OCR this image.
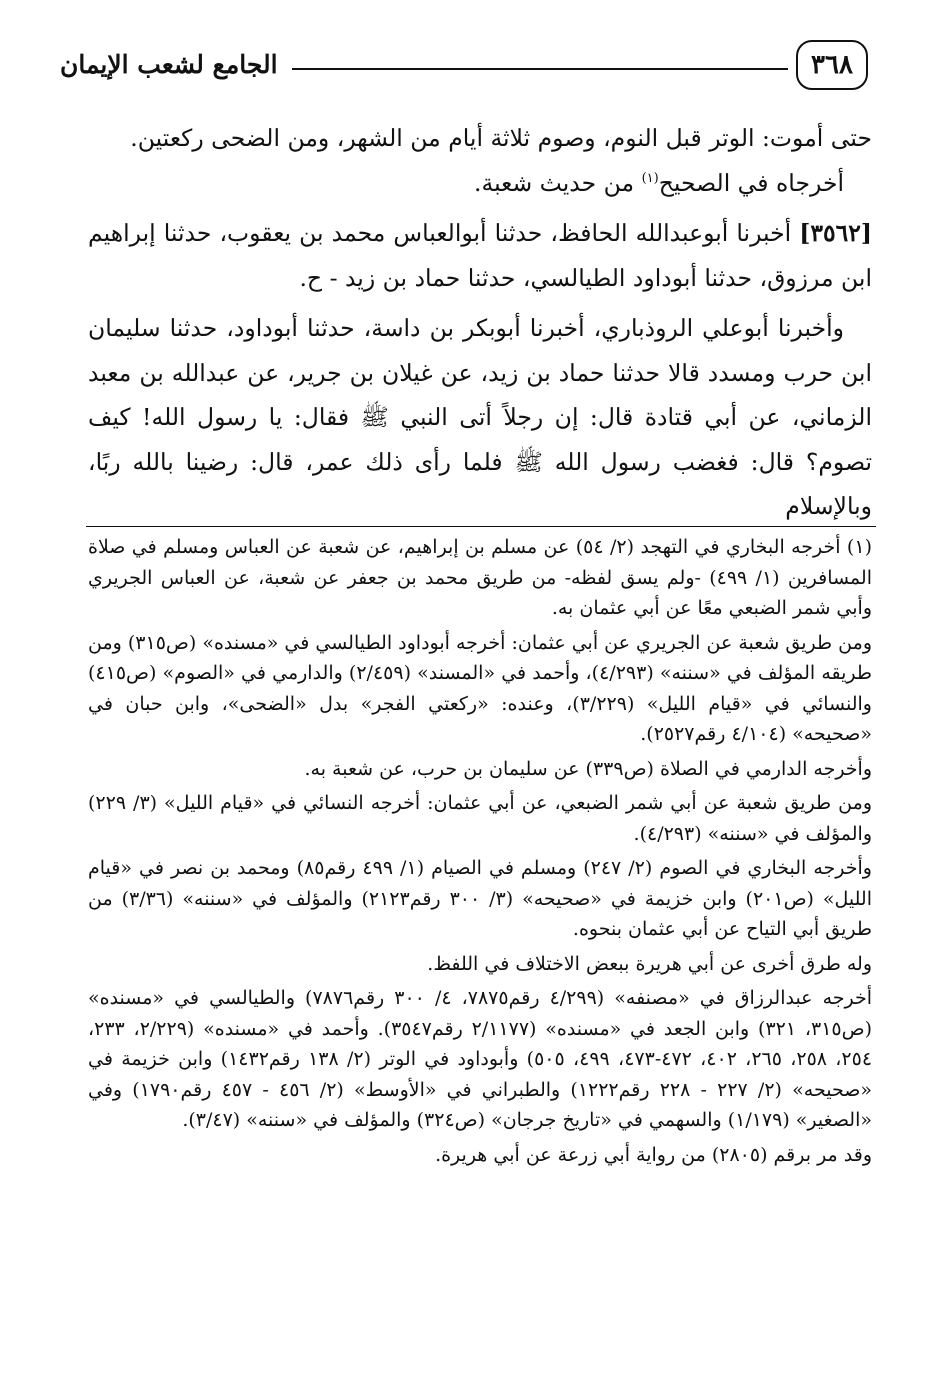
٣٦٨
الجامع لشعب الإيمان

حتى أموت: الوتر قبل النوم، وصوم ثلاثة أيام من الشهر، ومن الضحى ركعتين.

أخرجاه في الصحيح$^{(١)}$ من حديث شعبة.

[٣٥٦٢] أخبرنا أبوعبدالله الحافظ، حدثنا أبوالعباس محمد بن يعقوب، حدثنا إبراهيم ابن مرزوق، حدثنا أبوداود الطيالسي، حدثنا حماد بن زيد - ح.

وأخبرنا أبوعلي الروذباري، أخبرنا أبوبكر بن داسة، حدثنا أبوداود، حدثنا سليمان ابن حرب ومسدد قالا حدثنا حماد بن زيد، عن غيلان بن جرير، عن عبدالله بن معبد الزماني، عن أبي قتادة قال: إن رجلاً أتى النبي ﷺ فقال: يا رسول الله! كيف تصوم؟ قال: فغضب رسول الله ﷺ فلما رأى ذلك عمر، قال: رضينا بالله ربًا، وبالإسلام

(١) أخرجه البخاري في التهجد (٢/ ٥٤) عن مسلم بن إبراهيم، عن شعبة عن العباس ومسلم في صلاة المسافرين (١/ ٤٩٩) -ولم يسق لفظه- من طريق محمد بن جعفر عن شعبة، عن العباس الجريري وأبي شمر الضبعي معًا عن أبي عثمان به.

ومن طريق شعبة عن الجريري عن أبي عثمان: أخرجه أبوداود الطيالسي في «مسنده» (ص٣١٥) ومن طريقه المؤلف في «سننه» (٤/٢٩٣)، وأحمد في «المسند» (٢/٤٥٩) والدارمي في «الصوم» (ص٤١٥) والنسائي في «قيام الليل» (٣/٢٢٩)، وعنده: «ركعتي الفجر» بدل «الضحى»، وابن حبان في «صحيحه» (٤/١٠٤ رقم٢٥٢٧).

وأخرجه الدارمي في الصلاة (ص٣٣٩) عن سليمان بن حرب، عن شعبة به.

ومن طريق شعبة عن أبي شمر الضبعي، عن أبي عثمان: أخرجه النسائي في «قيام الليل» (٣/ ٢٢٩) والمؤلف في «سننه» (٤/٢٩٣).

وأخرجه البخاري في الصوم (٢/ ٢٤٧) ومسلم في الصيام (١/ ٤٩٩ رقم٨٥) ومحمد بن نصر في «قيام الليل» (ص٢٠١) وابن خزيمة في «صحيحه» (٣/ ٣٠٠ رقم٢١٢٣) والمؤلف في «سننه» (٣/٣٦) من طريق أبي التياح عن أبي عثمان بنحوه.

وله طرق أخرى عن أبي هريرة ببعض الاختلاف في اللفظ.

أخرجه عبدالرزاق في «مصنفه» (٤/٢٩٩ رقم٧٨٧٥، ٤/ ٣٠٠ رقم٧٨٧٦) والطيالسي في «مسنده» (ص٣١٥، ٣٢١) وابن الجعد في «مسنده» (٢/١١٧٧ رقم٣٥٤٧). وأحمد في «مسنده» (٢/٢٢٩، ٢٣٣، ٢٥٤، ٢٥٨، ٢٦٥، ٤٠٢، ٤٧٢-٤٧٣، ٤٩٩، ٥٠٥) وأبوداود في الوتر (٢/ ١٣٨ رقم١٤٣٢) وابن خزيمة في «صحيحه» (٢/ ٢٢٧ - ٢٢٨ رقم١٢٢٢) والطبراني في «الأوسط» (٢/ ٤٥٦ - ٤٥٧ رقم١٧٩٠) وفي «الصغير» (١/١٧٩) والسهمي في «تاريخ جرجان» (ص٣٢٤) والمؤلف في «سننه» (٣/٤٧).

وقد مر برقم (٢٨٠٥) من رواية أبي زرعة عن أبي هريرة.
